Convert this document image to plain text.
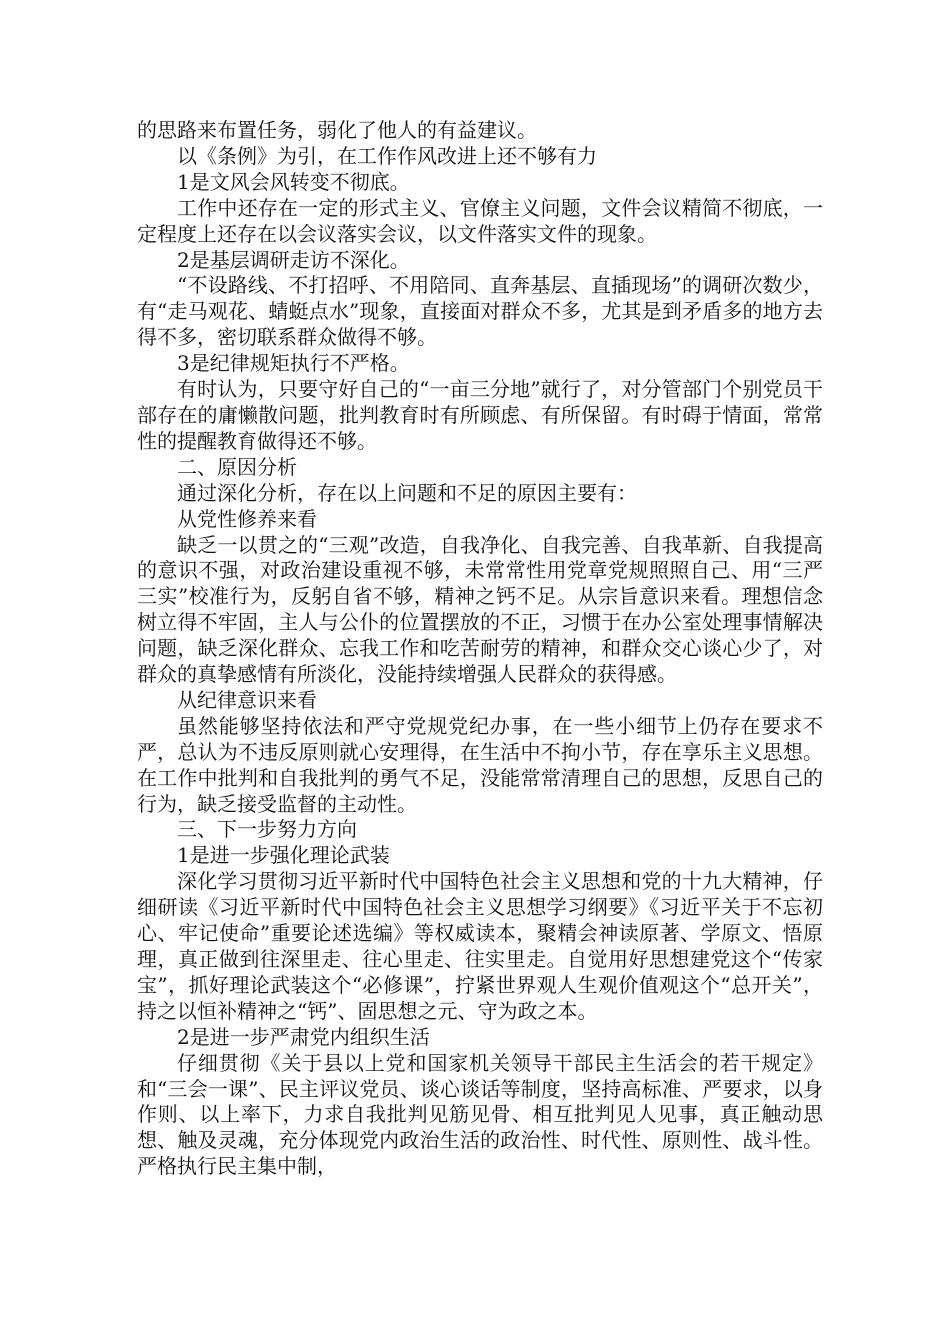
的思路来布置任务，弱化了他人的有益建议。

以《条例》为引，在工作作风改进上还不够有力

1是文风会风转变不彻底。

工作中还存在一定的形式主义、官僚主义问题，文件会议精简不彻底，一定程度上还存在以会议落实会议，以文件落实文件的现象。

2是基层调研走访不深化。

“不设路线、不打招呼、不用陪同、直奔基层、直插现场”的调研次数少，有“走马观花、蜻蜓点水”现象，直接面对群众不多，尤其是到矛盾多的地方去得不多，密切联系群众做得不够。

3是纪律规矩执行不严格。

有时认为，只要守好自己的“一亩三分地”就行了，对分管部门个别党员干部存在的庸懒散问题，批判教育时有所顾虑、有所保留。有时碍于情面，常常性的提醒教育做得还不够。

二、原因分析

通过深化分析，存在以上问题和不足的原因主要有：

从党性修养来看

缺乏一以贯之的“三观”改造，自我净化、自我完善、自我革新、自我提高的意识不强，对政治建设重视不够，未常常性用党章党规照照自己、用“三严三实”校准行为，反躬自省不够，精神之钙不足。从宗旨意识来看。理想信念树立得不牢固，主人与公仆的位置摆放的不正，习惯于在办公室处理事情解决问题，缺乏深化群众、忘我工作和吃苦耐劳的精神，和群众交心谈心少了，对群众的真挚感情有所淡化，没能持续增强人民群众的获得感。

从纪律意识来看

虽然能够坚持依法和严守党规党纪办事，在一些小细节上仍存在要求不严，总认为不违反原则就心安理得，在生活中不拘小节，存在享乐主义思想。在工作中批判和自我批判的勇气不足，没能常常清理自己的思想，反思自己的行为，缺乏接受监督的主动性。

三、下一步努力方向

1是进一步强化理论武装

深化学习贯彻习近平新时代中国特色社会主义思想和党的十九大精神，仔细研读《习近平新时代中国特色社会主义思想学习纲要》《习近平关于不忘初心、牢记使命”重要论述选编》等权威读本，聚精会神读原著、学原文、悟原理，真正做到往深里走、往心里走、往实里走。自觉用好思想建党这个“传家宝”，抓好理论武装这个“必修课”，拧紧世界观人生观价值观这个“总开关”，持之以恒补精神之“钙”、固思想之元、守为政之本。

2是进一步严肃党内组织生活

仔细贯彻《关于县以上党和国家机关领导干部民主生活会的若干规定》和“三会一课”、民主评议党员、谈心谈话等制度，坚持高标准、严要求，以身作则、以上率下，力求自我批判见筋见骨、相互批判见人见事，真正触动思想、触及灵魂，充分体现党内政治生活的政治性、时代性、原则性、战斗性。严格执行民主集中制，
